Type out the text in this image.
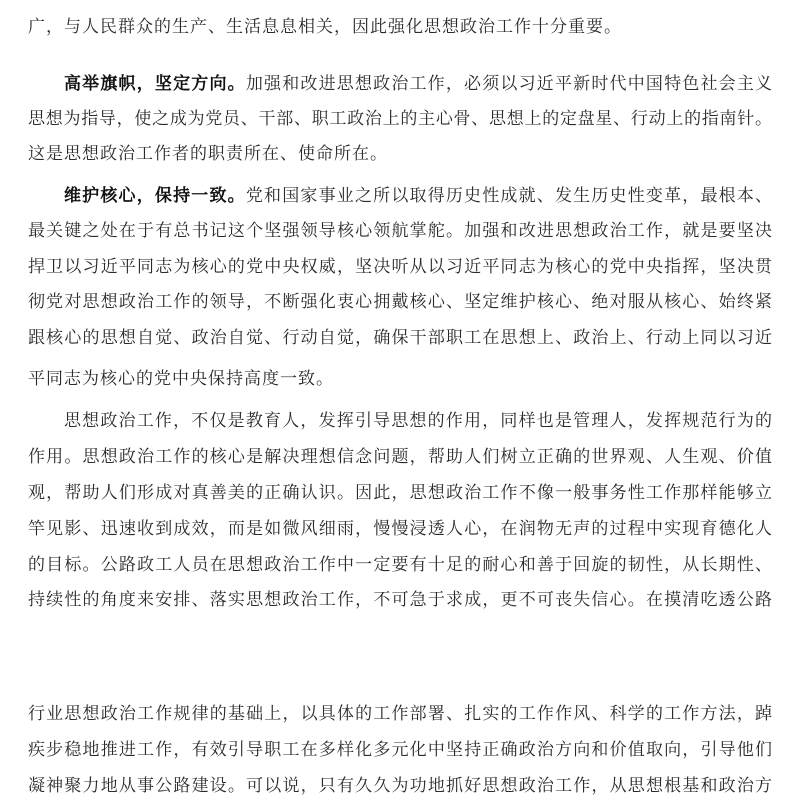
广，与人民群众的生产、生活息息相关，因此强化思想政治工作十分重要。
高举旗帜，坚定方向。加强和改进思想政治工作，必须以习近平新时代中国特色社会主义
思想为指导，使之成为党员、干部、职工政治上的主心骨、思想上的定盘星、行动上的指南针。
这是思想政治工作者的职责所在、使命所在。
维护核心，保持一致。党和国家事业之所以取得历史性成就、发生历史性变革，最根本、
最关键之处在于有总书记这个坚强领导核心领航掌舵。加强和改进思想政治工作，就是要坚决
捍卫以习近平同志为核心的党中央权威，坚决听从以习近平同志为核心的党中央指挥，坚决贯
彻党对思想政治工作的领导，不断强化衷心拥戴核心、坚定维护核心、绝对服从核心、始终紧
跟核心的思想自觉、政治自觉、行动自觉，确保干部职工在思想上、政治上、行动上同以习近
平同志为核心的党中央保持高度一致。
思想政治工作，不仅是教育人，发挥引导思想的作用，同样也是管理人，发挥规范行为的
作用。思想政治工作的核心是解决理想信念问题，帮助人们树立正确的世界观、人生观、价值
观，帮助人们形成对真善美的正确认识。因此，思想政治工作不像一般事务性工作那样能够立
竿见影、迅速收到成效，而是如微风细雨，慢慢浸透人心，在润物无声的过程中实现育德化人
的目标。公路政工人员在思想政治工作中一定要有十足的耐心和善于回旋的韧性，从长期性、
持续性的角度来安排、落实思想政治工作，不可急于求成，更不可丧失信心。在摸清吃透公路
行业思想政治工作规律的基础上，以具体的工作部署、扎实的工作作风、科学的工作方法，踔
疾步稳地推进工作，有效引导职工在多样化多元化中坚持正确政治方向和价值取向，引导他们
凝神聚力地从事公路建设。可以说，只有久久为功地抓好思想政治工作，从思想根基和政治方
